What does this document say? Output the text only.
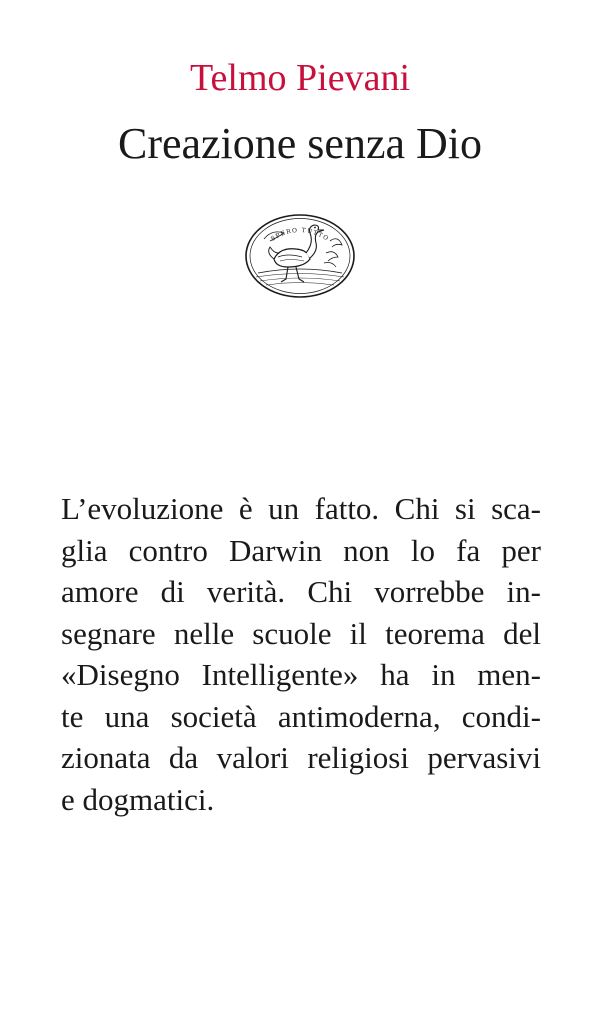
Telmo Pievani
Creazione senza Dio
SPERO TUTTO
L’evoluzione è un fatto. Chi si sca-
glia contro Darwin non lo fa per
amore di verità. Chi vorrebbe in-
segnare nelle scuole il teorema del
«Disegno Intelligente» ha in men-
te una società antimoderna, condi-
zionata da valori religiosi pervasivi
e dogmatici.
